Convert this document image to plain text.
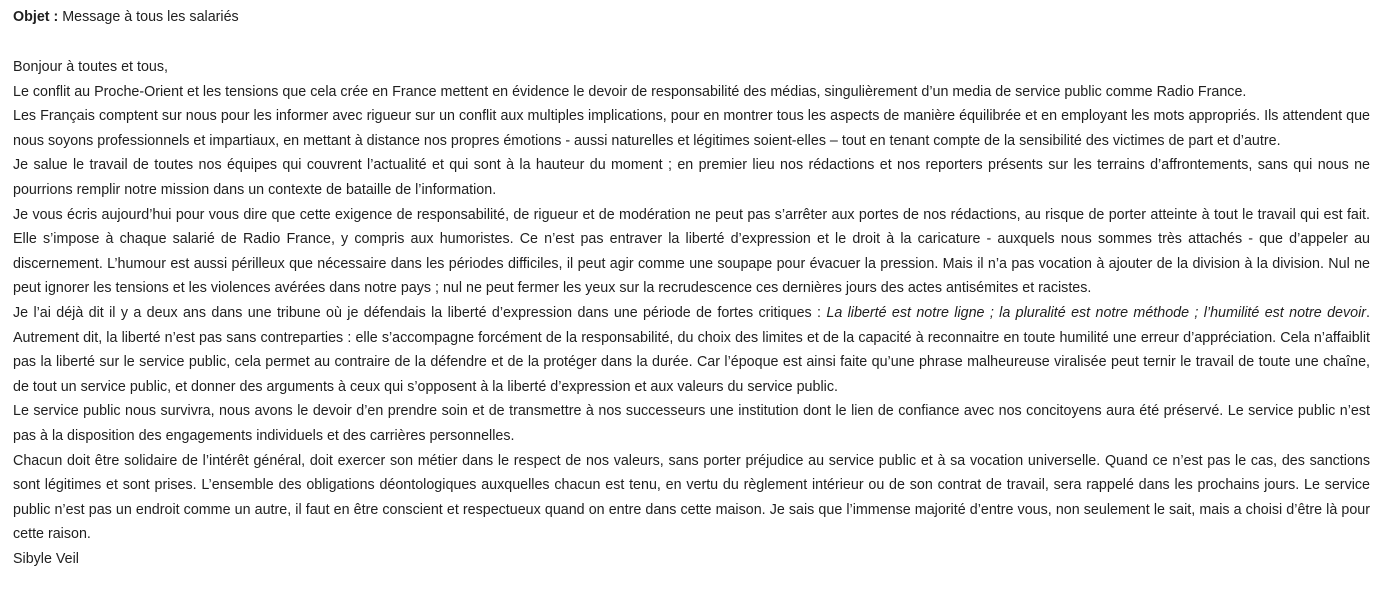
Objet : Message à tous les salariés

Bonjour à toutes et tous,

Le conflit au Proche-Orient et les tensions que cela crée en France mettent en évidence le devoir de responsabilité des médias, singulièrement d’un media de service public comme Radio France.

Les Français comptent sur nous pour les informer avec rigueur sur un conflit aux multiples implications, pour en montrer tous les aspects de manière équilibrée et en employant les mots appropriés. Ils attendent que nous soyons professionnels et impartiaux, en mettant à distance nos propres émotions - aussi naturelles et légitimes soient-elles – tout en tenant compte de la sensibilité des victimes de part et d’autre.

Je salue le travail de toutes nos équipes qui couvrent l’actualité et qui sont à la hauteur du moment ; en premier lieu nos rédactions et nos reporters présents sur les terrains d’affrontements, sans qui nous ne pourrions remplir notre mission dans un contexte de bataille de l’information.

Je vous écris aujourd’hui pour vous dire que cette exigence de responsabilité, de rigueur et de modération ne peut pas s’arrêter aux portes de nos rédactions, au risque de porter atteinte à tout le travail qui est fait. Elle s’impose à chaque salarié de Radio France, y compris aux humoristes. Ce n’est pas entraver la liberté d’expression et le droit à la caricature - auxquels nous sommes très attachés - que d’appeler au discernement. L’humour est aussi périlleux que nécessaire dans les périodes difficiles, il peut agir comme une soupape pour évacuer la pression. Mais il n’a pas vocation à ajouter de la division à la division. Nul ne peut ignorer les tensions et les violences avérées dans notre pays ; nul ne peut fermer les yeux sur la recrudescence ces dernières jours des actes antisémites et racistes.

Je l’ai déjà dit il y a deux ans dans une tribune où je défendais la liberté d’expression dans une période de fortes critiques : La liberté est notre ligne ; la pluralité est notre méthode ; l’humilité est notre devoir. Autrement dit, la liberté n’est pas sans contreparties : elle s’accompagne forcément de la responsabilité, du choix des limites et de la capacité à reconnaitre en toute humilité une erreur d’appréciation. Cela n’affaiblit pas la liberté sur le service public, cela permet au contraire de la défendre et de la protéger dans la durée. Car l’époque est ainsi faite qu’une phrase malheureuse viralisée peut ternir le travail de toute une chaîne, de tout un service public, et donner des arguments à ceux qui s’opposent à la liberté d’expression et aux valeurs du service public.

Le service public nous survivra, nous avons le devoir d’en prendre soin et de transmettre à nos successeurs une institution dont le lien de confiance avec nos concitoyens aura été préservé. Le service public n’est pas à la disposition des engagements individuels et des carrières personnelles.

Chacun doit être solidaire de l’intérêt général, doit exercer son métier dans le respect de nos valeurs, sans porter préjudice au service public et à sa vocation universelle. Quand ce n’est pas le cas, des sanctions sont légitimes et sont prises. L’ensemble des obligations déontologiques auxquelles chacun est tenu, en vertu du règlement intérieur ou de son contrat de travail, sera rappelé dans les prochains jours. Le service public n’est pas un endroit comme un autre, il faut en être conscient et respectueux quand on entre dans cette maison. Je sais que l’immense majorité d’entre vous, non seulement le sait, mais a choisi d’être là pour cette raison.

Sibyle Veil
